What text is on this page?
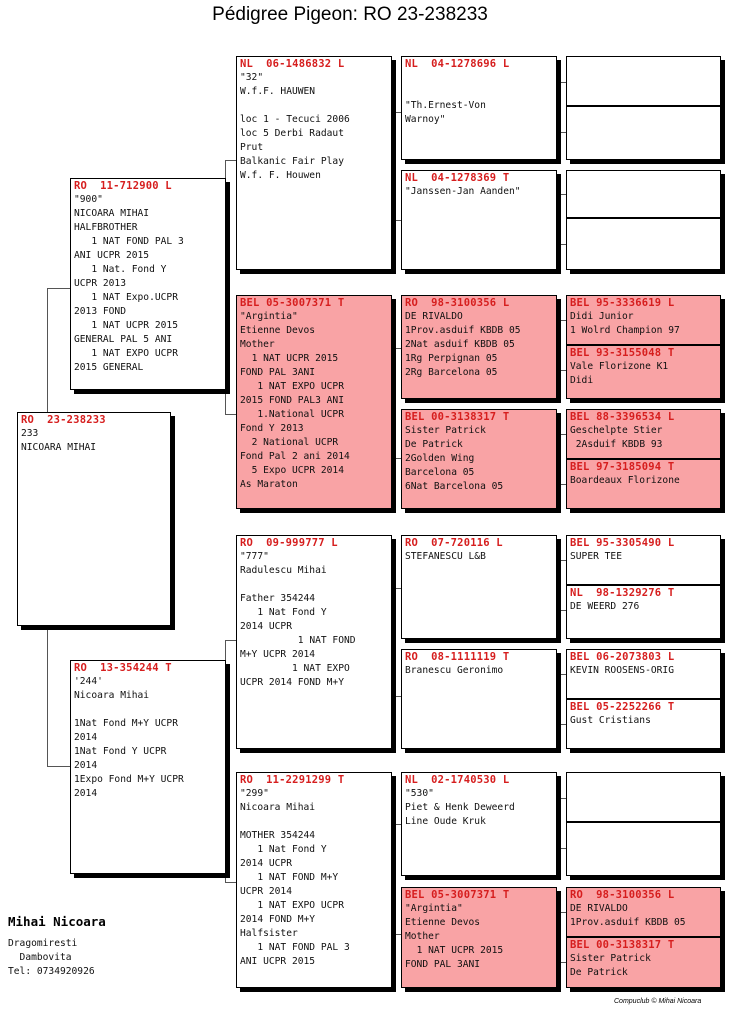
Pédigree Pigeon: RO 23-238233
RO  23-238233
233
NICOARA MIHAI
RO  11-712900 L
"900"
NICOARA MIHAI
HALFBROTHER
1 NAT FOND PAL 3
ANI UCPR 2015
1 Nat. Fond Y
UCPR 2013
1 NAT Expo.UCPR
2013 FOND
1 NAT UCPR 2015
GENERAL PAL 5 ANI
1 NAT EXPO UCPR
2015 GENERAL
RO  13-354244 T
'244'
Nicoara Mihai

1Nat Fond M+Y UCPR
2014
1Nat Fond Y UCPR
2014
1Expo Fond M+Y UCPR
2014
NL  06-1486832 L
"32"
W.f.F. HAUWEN

loc 1 - Tecuci 2006
loc 5 Derbi Radaut
Prut
Balkanic Fair Play
W.f. F. Houwen
BEL 05-3007371 T
"Argintia"
Etienne Devos
Mother
1 NAT UCPR 2015
FOND PAL 3ANI
1 NAT EXPO UCPR
2015 FOND PAL3 ANI
1.National UCPR
Fond Y 2013
2 National UCPR
Fond Pal 2 ani 2014
5 Expo UCPR 2014
As Maraton
RO  09-999777 L
"777"
Radulescu Mihai

Father 354244
1 Nat Fond Y
2014 UCPR
1 NAT FOND
M+Y UCPR 2014
1 NAT EXPO
UCPR 2014 FOND M+Y
RO  11-2291299 T
"299"
Nicoara Mihai

MOTHER 354244
1 Nat Fond Y
2014 UCPR
1 NAT FOND M+Y
UCPR 2014
1 NAT EXPO UCPR
2014 FOND M+Y
Halfsister
1 NAT FOND PAL 3
ANI UCPR 2015
NL  04-1278696 L

"Th.Ernest-Von
Warnoy"
NL  04-1278369 T
"Janssen-Jan Aanden"
RO  98-3100356 L
DE RIVALDO
1Prov.asduif KBDB 05
2Nat asduif KBDB 05
1Rg Perpignan 05
2Rg Barcelona 05
BEL 00-3138317 T
Sister Patrick
De Patrick
2Golden Wing
Barcelona 05
6Nat Barcelona 05
RO  07-720116 L
STEFANESCU L&B
RO  08-1111119 T
Branescu Geronimo
NL  02-1740530 L
"530"
Piet & Henk Deweerd
Line Oude Kruk
BEL 05-3007371 T
"Argintia"
Etienne Devos
Mother
1 NAT UCPR 2015
FOND PAL 3ANI
BEL 95-3336619 L
Didi Junior
1 Wolrd Champion 97
BEL 93-3155048 T
Vale Florizone K1
Didi
BEL 88-3396534 L
Geschelpte Stier
2Asduif KBDB 93
BEL 97-3185094 T
Boardeaux Florizone
BEL 95-3305490 L
SUPER TEE
NL  98-1329276 T
DE WEERD 276
BEL 06-2073803 L
KEVIN ROOSENS-ORIG
BEL 05-2252266 T
Gust Cristians
RO  98-3100356 L
DE RIVALDO
1Prov.asduif KBDB 05
BEL 00-3138317 T
Sister Patrick
De Patrick
Mihai Nicoara
Dragomiresti
Dambovita
Tel: 0734920926
Compuclub © Mihai Nicoara
